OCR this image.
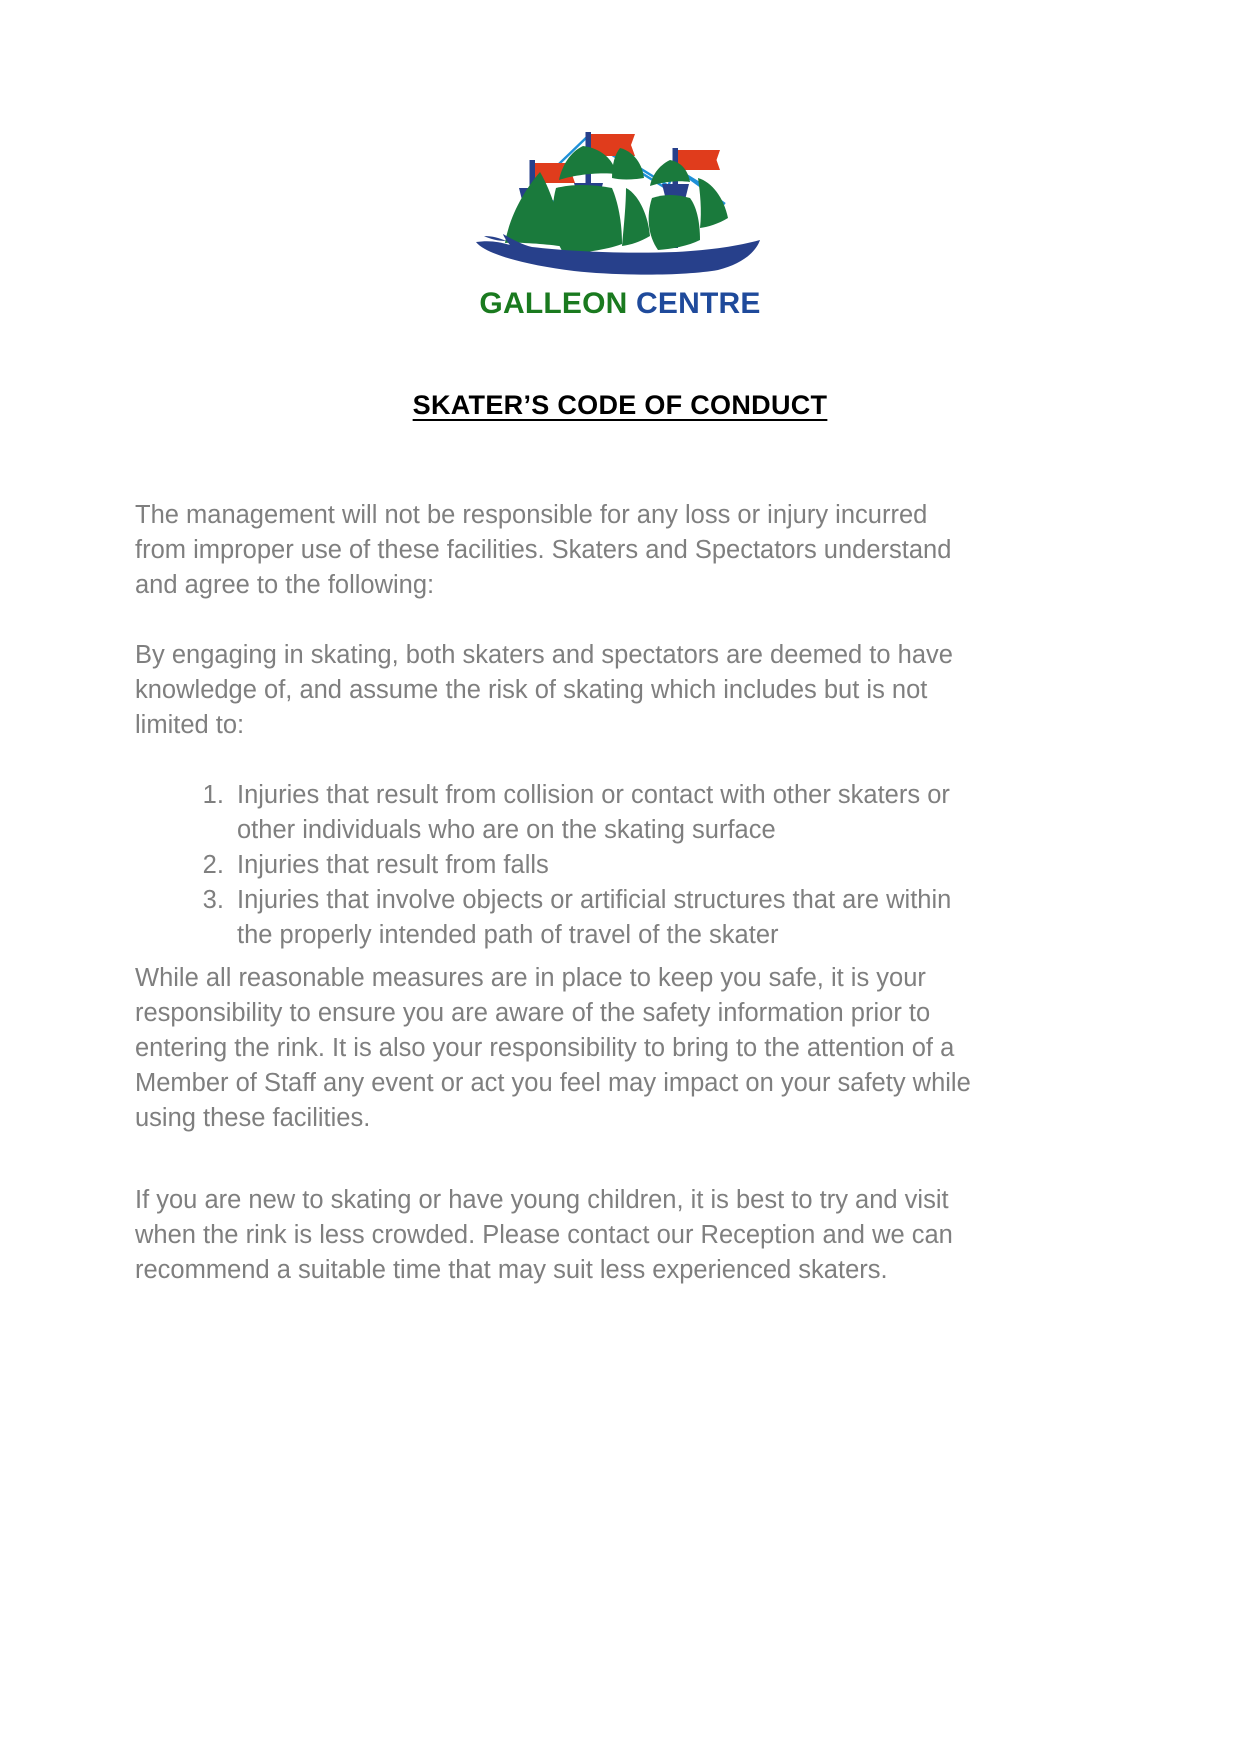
GALLEON CENTRE
SKATER’S CODE OF CONDUCT

The management will not be responsible for any loss or injury incurred from improper use of these facilities. Skaters and Spectators understand and agree to the following:

By engaging in skating, both skaters and spectators are deemed to have knowledge of, and assume the risk of skating which includes but is not limited to:

1. Injuries that result from collision or contact with other skaters or other individuals who are on the skating surface
2. Injuries that result from falls
3. Injuries that involve objects or artificial structures that are within the properly intended path of travel of the skater

While all reasonable measures are in place to keep you safe, it is your responsibility to ensure you are aware of the safety information prior to entering the rink. It is also your responsibility to bring to the attention of a Member of Staff any event or act you feel may impact on your safety while using these facilities.

If you are new to skating or have young children, it is best to try and visit when the rink is less crowded. Please contact our Reception and we can recommend a suitable time that may suit less experienced skaters.
